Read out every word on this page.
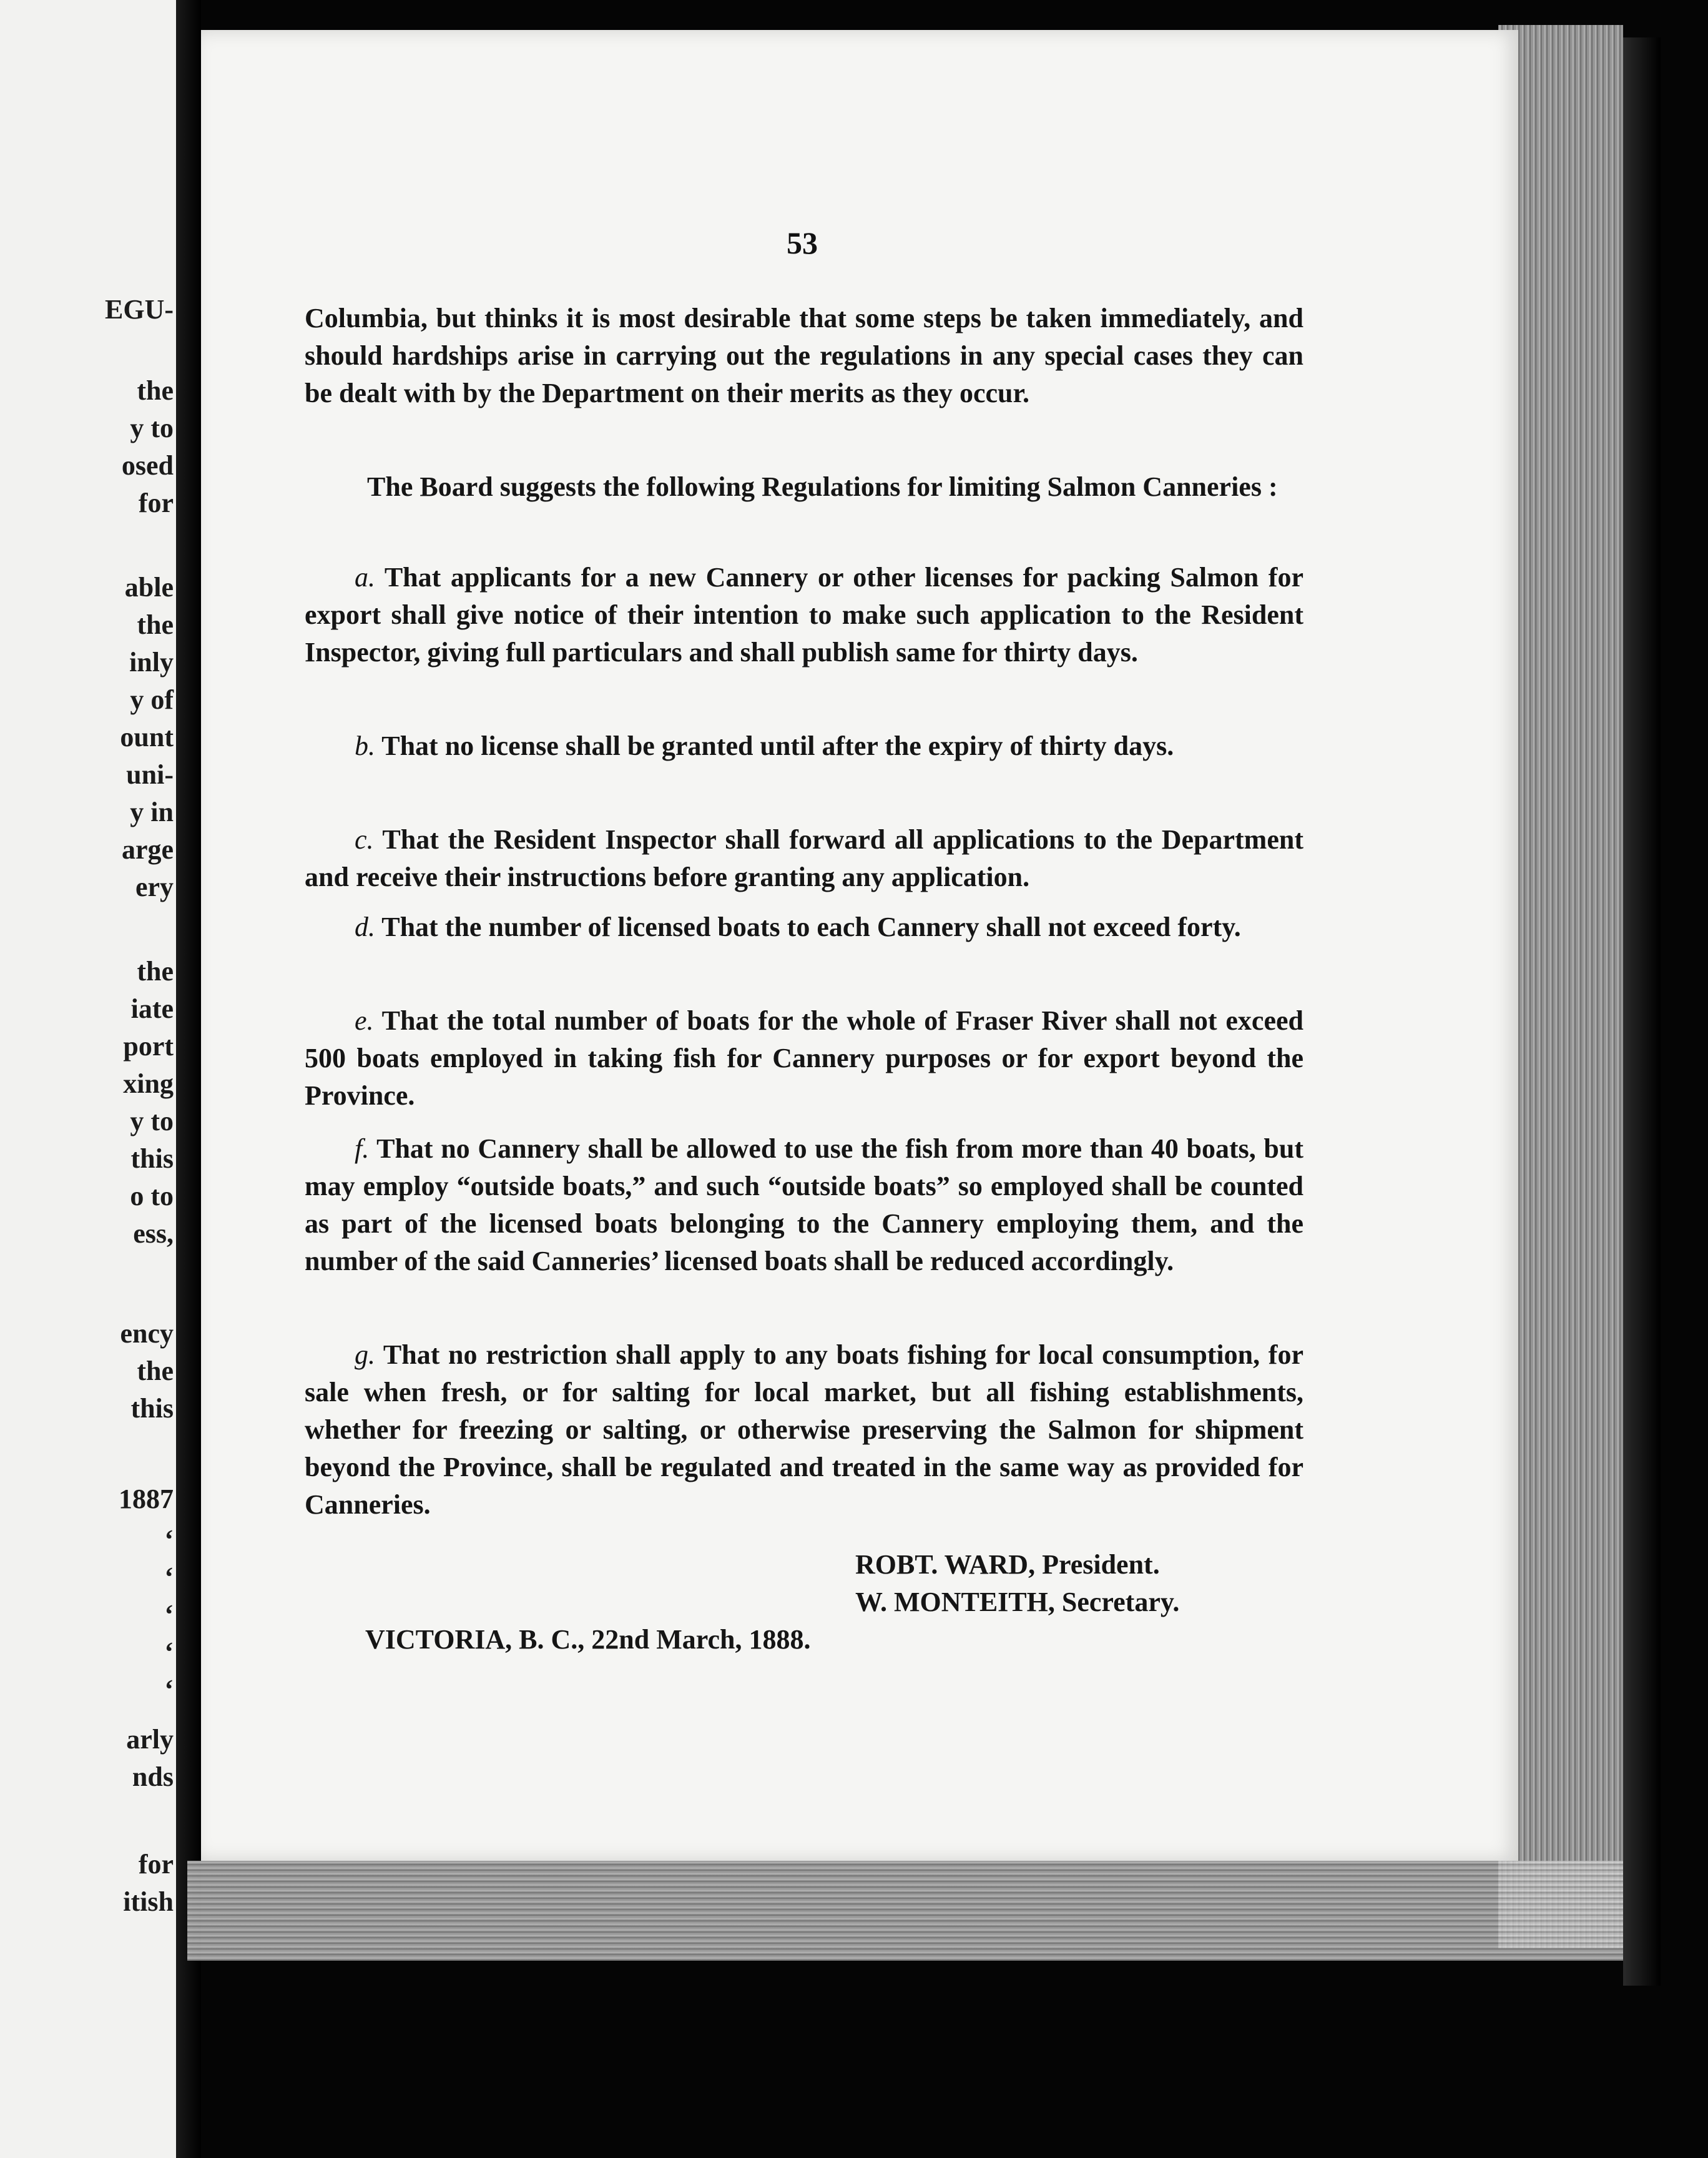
EGU-

the

y to

osed

for

able

the

inly

y of

ount

uni-

y in

arge

ery

the

iate

port

xing

y to

this

o to

ess,

ency

the

this

1887

‘

‘

‘

‘

‘

arly

nds

for

itish

53

Columbia, but thinks it is most desirable that some steps be taken immediately, and should hardships arise in carrying out the regulations in any special cases they can be dealt with by the Department on their merits as they occur.

The Board suggests the following Regulations for limiting Salmon Canneries :

a. That applicants for a new Cannery or other licenses for packing Salmon for export shall give notice of their intention to make such application to the Resident Inspector, giving full particulars and shall publish same for thirty days.

b. That no license shall be granted until after the expiry of thirty days.

c. That the Resident Inspector shall forward all applications to the Department and receive their instructions before granting any application.

d. That the number of licensed boats to each Cannery shall not exceed forty.

e. That the total number of boats for the whole of Fraser River shall not exceed 500 boats employed in taking fish for Cannery purposes or for export beyond the Province.

f. That no Cannery shall be allowed to use the fish from more than 40 boats, but may employ “outside boats,” and such “outside boats” so employed shall be counted as part of the licensed boats belonging to the Cannery employing them, and the number of the said Canneries’ licensed boats shall be reduced accordingly.

g. That no restriction shall apply to any boats fishing for local consumption, for sale when fresh, or for salting for local market, but all fishing establishments, whether for freezing or salting, or otherwise preserving the Salmon for shipment beyond the Province, shall be regulated and treated in the same way as provided for Canneries.

ROBT. WARD, President.

W. MONTEITH, Secretary.

VICTORIA, B. C., 22nd March, 1888.
